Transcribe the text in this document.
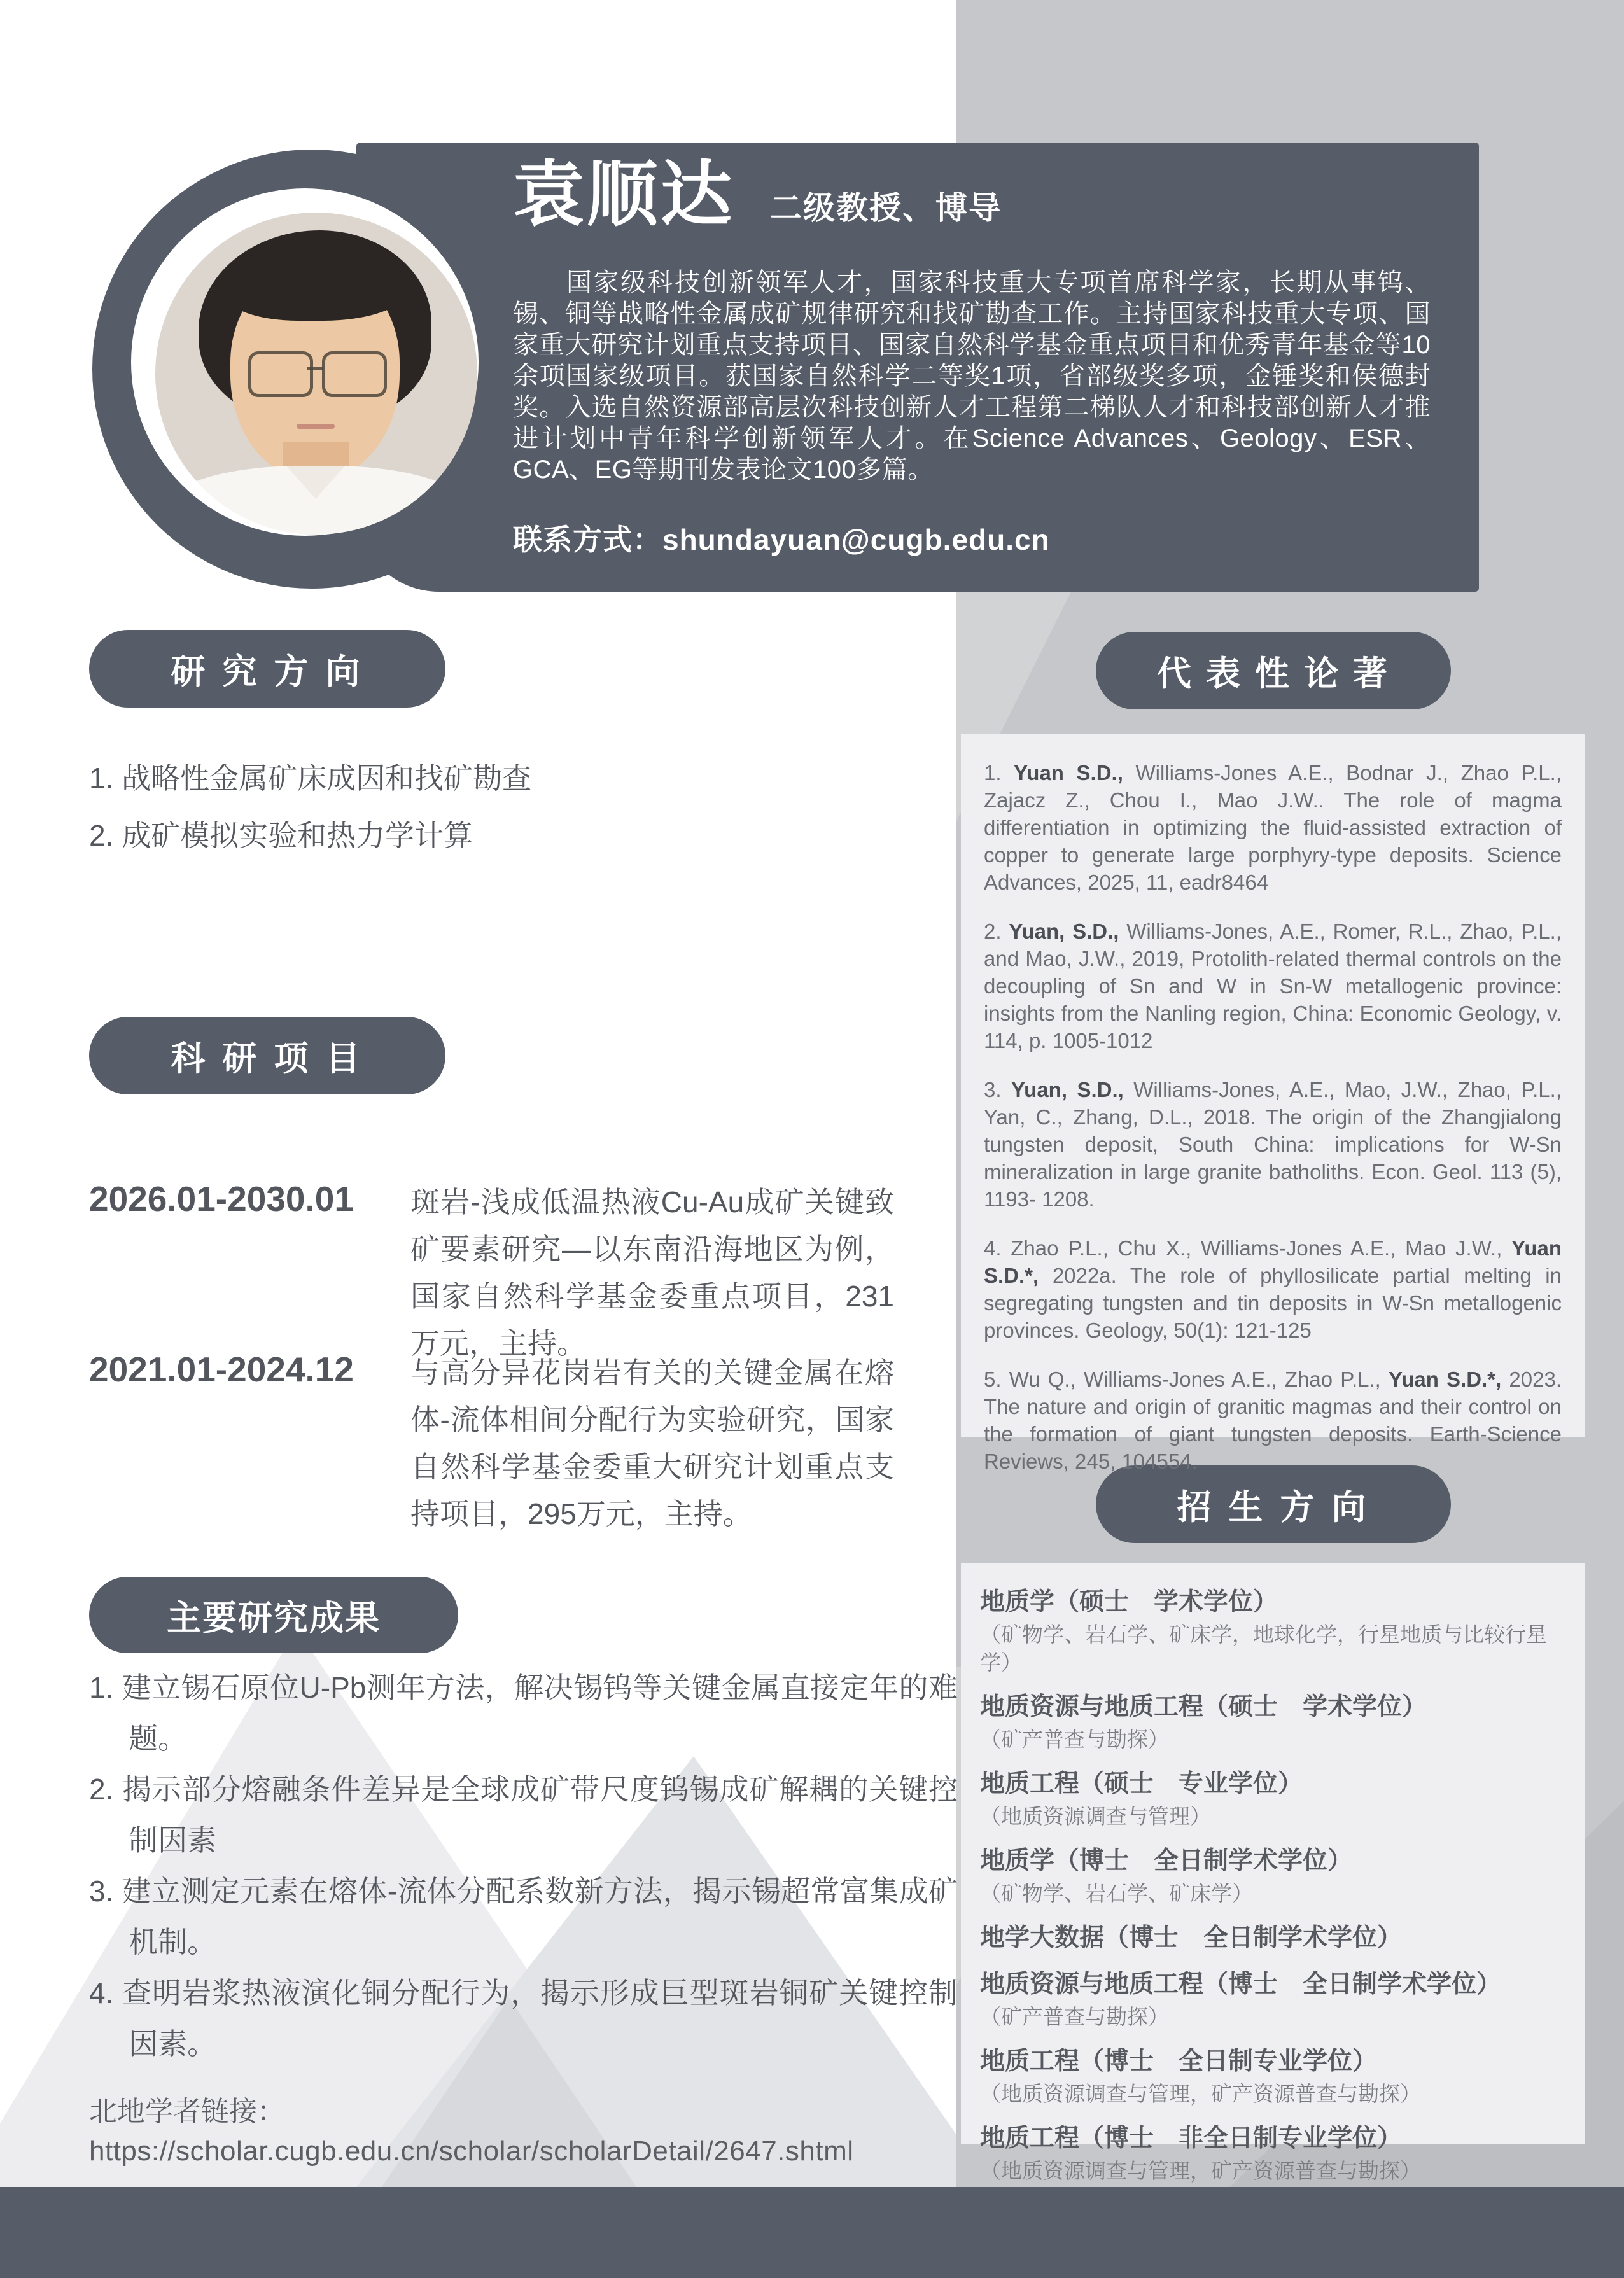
袁顺达 二级教授、博导
国家级科技创新领军人才，国家科技重大专项首席科学家，长期从事钨、锡、铜等战略性金属成矿规律研究和找矿勘查工作。主持国家科技重大专项、国家重大研究计划重点支持项目、国家自然科学基金重点项目和优秀青年基金等10余项国家级项目。获国家自然科学二等奖1项，省部级奖多项，金锤奖和侯德封奖。入选自然资源部高层次科技创新人才工程第二梯队人才和科技部创新人才推进计划中青年科学创新领军人才。在Science Advances、Geology、ESR、GCA、EG等期刊发表论文100多篇。
联系方式：shundayuan@cugb.edu.cn
研 究 方 向
科 研 项 目
主要研究成果
代 表 性 论 著
招 生 方 向
1. 战略性金属矿床成因和找矿勘查
2. 成矿模拟实验和热力学计算
2026.01-2030.01	斑岩-浅成低温热液Cu-Au成矿关键致矿要素研究—以东南沿海地区为例，国家自然科学基金委重点项目，231万元，主持。
2021.01-2024.12	与高分异花岗岩有关的关键金属在熔体-流体相间分配行为实验研究，国家自然科学基金委重大研究计划重点支持项目，295万元，主持。
1. 建立锡石原位U-Pb测年方法，解决锡钨等关键金属直接定年的难题。
2. 揭示部分熔融条件差异是全球成矿带尺度钨锡成矿解耦的关键控制因素
3. 建立测定元素在熔体-流体分配系数新方法，揭示锡超常富集成矿机制。
4. 查明岩浆热液演化铜分配行为，揭示形成巨型斑岩铜矿关键控制因素。
北地学者链接：
https://scholar.cugb.edu.cn/scholar/scholarDetail/2647.shtml

1. Yuan S.D., Williams-Jones A.E., Bodnar J., Zhao P.L., Zajacz Z., Chou I., Mao J.W.. The role of magma differentiation in optimizing the fluid-assisted extraction of copper to generate large porphyry-type deposits. Science Advances, 2025, 11, eadr8464

2. Yuan, S.D., Williams-Jones, A.E., Romer, R.L., Zhao, P.L., and Mao, J.W., 2019, Protolith-related thermal controls on the decoupling of Sn and W in Sn-W metallogenic province: insights from the Nanling region, China: Economic Geology, v. 114, p. 1005-1012

3. Yuan, S.D., Williams-Jones, A.E., Mao, J.W., Zhao, P.L., Yan, C., Zhang, D.L., 2018. The origin of the Zhangjialong tungsten deposit, South China: implications for W-Sn mineralization in large granite batholiths. Econ. Geol. 113 (5), 1193- 1208.

4. Zhao P.L., Chu X., Williams-Jones A.E., Mao J.W., Yuan S.D.*, 2022a. The role of phyllosilicate partial melting in segregating tungsten and tin deposits in W-Sn metallogenic provinces. Geology, 50(1): 121-125

5. Wu Q., Williams-Jones A.E., Zhao P.L., Yuan S.D.*, 2023. The nature and origin of granitic magmas and their control on the formation of giant tungsten deposits. Earth-Science Reviews, 245, 104554.

地质学（硕士　学术学位）
（矿物学、岩石学、矿床学，地球化学，行星地质与比较行星学）
地质资源与地质工程（硕士　学术学位）
（矿产普查与勘探）
地质工程（硕士　专业学位）
（地质资源调查与管理）
地质学（博士　全日制学术学位）
（矿物学、岩石学、矿床学）
地学大数据（博士　全日制学术学位）
地质资源与地质工程（博士　全日制学术学位）
（矿产普查与勘探）
地质工程（博士　全日制专业学位）
（地质资源调查与管理，矿产资源普查与勘探）
地质工程（博士　非全日制专业学位）
（地质资源调查与管理，矿产资源普查与勘探）
